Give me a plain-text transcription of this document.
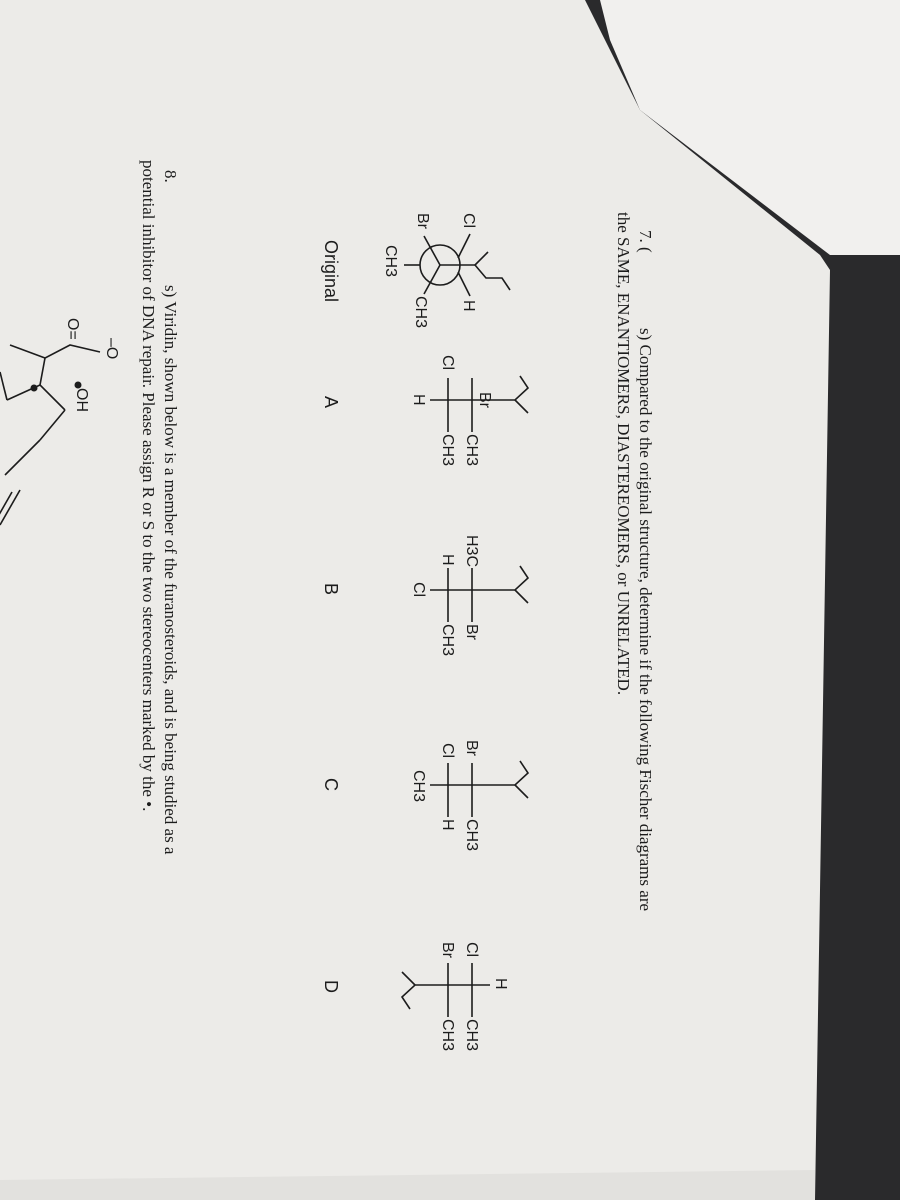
7. (
s) Compared to the original structure, determine if the following Fischer diagrams are
the SAME, ENANTIOMERS, DIASTEREOMERS, or UNRELATED.
Cl
H
Br
CH3
CH3
Original
Br
CH3
Cl
CH3
H
A
H3C
Br
H
CH3
Cl
B
Br
CH3
Cl
H
CH3
C
H
Cl
CH3
Br
CH3
D
8.
s) Viridin, shown below is a member of the furanosteroids, and is being studied as a
potential inhibitor of DNA repair. Please assign R or S to the two stereocenters marked by the •.
OH
–O
O=
